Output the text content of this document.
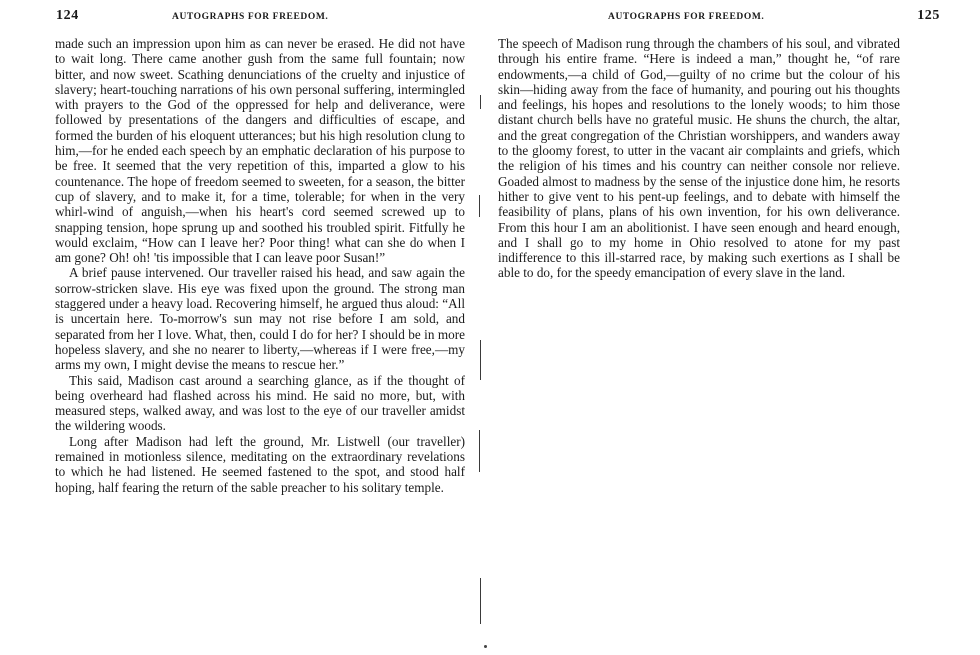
124	AUTOGRAPHS FOR FREEDOM.

made such an impression upon him as can never be erased. He did not have to wait long. There came another gush from the same full fountain; now bitter, and now sweet. Scathing denunciations of the cruelty and injustice of slavery; heart-touching narrations of his own personal suffering, intermingled with prayers to the God of the oppressed for help and deliverance, were followed by presentations of the dangers and difficulties of escape, and formed the burden of his eloquent utterances; but his high resolution clung to him,—for he ended each speech by an emphatic declaration of his purpose to be free. It seemed that the very repetition of this, imparted a glow to his countenance. The hope of freedom seemed to sweeten, for a season, the bitter cup of slavery, and to make it, for a time, tolerable; for when in the very whirl-wind of anguish,—when his heart's cord seemed screwed up to snapping tension, hope sprung up and soothed his troubled spirit. Fitfully he would exclaim, “How can I leave her? Poor thing! what can she do when I am gone? Oh! oh! 'tis impossible that I can leave poor Susan!”

A brief pause intervened. Our traveller raised his head, and saw again the sorrow-stricken slave. His eye was fixed upon the ground. The strong man staggered under a heavy load. Recovering himself, he argued thus aloud: “All is uncertain here. To-morrow's sun may not rise before I am sold, and separated from her I love. What, then, could I do for her? I should be in more hopeless slavery, and she no nearer to liberty,—whereas if I were free,—my arms my own, I might devise the means to rescue her.”

This said, Madison cast around a searching glance, as if the thought of being overheard had flashed across his mind. He said no more, but, with measured steps, walked away, and was lost to the eye of our traveller amidst the wildering woods.

Long after Madison had left the ground, Mr. Listwell (our traveller) remained in motionless silence, meditating on the extraordinary revelations to which he had listened. He seemed fastened to the spot, and stood half hoping, half fearing the return of the sable preacher to his solitary temple.

AUTOGRAPHS FOR FREEDOM.	125

The speech of Madison rung through the chambers of his soul, and vibrated through his entire frame. “Here is indeed a man,” thought he, “of rare endowments,—a child of God,—guilty of no crime but the colour of his skin—hiding away from the face of humanity, and pouring out his thoughts and feelings, his hopes and resolutions to the lonely woods; to him those distant church bells have no grateful music. He shuns the church, the altar, and the great congregation of the Christian worshippers, and wanders away to the gloomy forest, to utter in the vacant air complaints and griefs, which the religion of his times and his country can neither console nor relieve. Goaded almost to madness by the sense of the injustice done him, he resorts hither to give vent to his pent-up feelings, and to debate with himself the feasibility of plans, plans of his own invention, for his own deliverance. From this hour I am an abolitionist. I have seen enough and heard enough, and I shall go to my home in Ohio resolved to atone for my past indifference to this ill-starred race, by making such exertions as I shall be able to do, for the speedy emancipation of every slave in the land.
